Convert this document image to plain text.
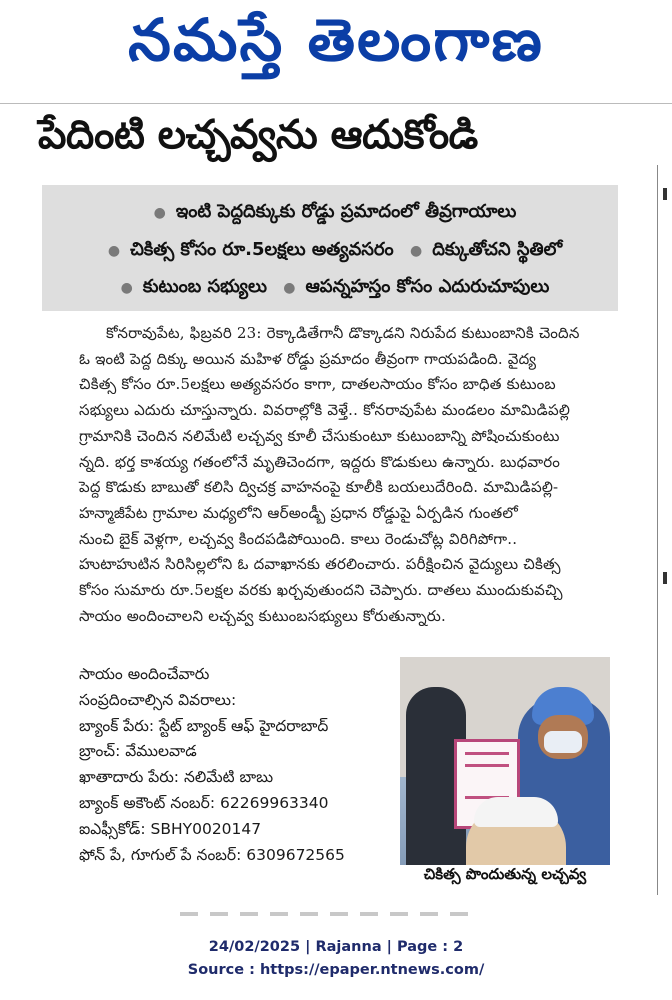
నమస్తే తెలంగాణ
పేదింటి లచ్చవ్వను ఆదుకోండి
● ఇంటి పెద్దదిక్కుకు రోడ్డు ప్రమాదంలో తీవ్రగాయాలు
● చికిత్స కోసం రూ.5లక్షలు అత్యవసరం ● దిక్కుతోచని స్థితిలో
● కుటుంబ సభ్యులు ● ఆపన్నహస్తం కోసం ఎదురుచూపులు
కోనరావుపేట, ఫిబ్రవరి 23: రెక్కాడితేగానీ డొక్కాడని నిరుపేద కుటుంబానికి చెందిన
ఓ ఇంటి పెద్ద దిక్కు అయిన మహిళ రోడ్డు ప్రమాదం తీవ్రంగా గాయపడింది. వైద్య
చికిత్స కోసం రూ.5లక్షలు అత్యవసరం కాగా, దాతలసాయం కోసం బాధిత కుటుంబ
సభ్యులు ఎదురు చూస్తున్నారు. వివరాల్లోకి వెళ్తే.. కోనరావుపేట మండలం మామిడిపల్లి
గ్రామానికి చెందిన నలిమేటి లచ్చవ్వ కూలీ చేసుకుంటూ కుటుంబాన్ని పోషించుకుంటు
న్నది. భర్త కాశయ్య గతంలోనే మృతిచెందగా, ఇద్దరు కొడుకులు ఉన్నారు. బుధవారం
పెద్ద కొడుకు బాబుతో కలిసి ద్విచక్ర వాహనంపై కూలీకి బయలుదేరింది. మామిడిపల్లి-
హన్మాజీపేట గ్రామాల మధ్యలోని ఆర్అండ్బీ ప్రధాన రోడ్డుపై ఏర్పడిన గుంతలో
నుంచి బైక్ వెళ్లగా, లచ్చవ్వ కిందపడిపోయింది. కాలు రెండుచోట్ల విరిగిపోగా..
హుటాహుటిన సిరిసిల్లలోని ఓ దవాఖానకు తరలించారు. పరీక్షించిన వైద్యులు చికిత్స
కోసం సుమారు రూ.5లక్షల వరకు ఖర్చవుతుందని చెప్పారు. దాతలు ముందుకువచ్చి
సాయం అందించాలని లచ్చవ్వ కుటుంబసభ్యులు కోరుతున్నారు.
సాయం అందించేవారు
సంప్రదించాల్సిన వివరాలు:
బ్యాంక్ పేరు: స్టేట్ బ్యాంక్ ఆఫ్ హైదరాబాద్
బ్రాంచ్: వేములవాడ
ఖాతాదారు పేరు: నలిమేటి బాబు
బ్యాంక్ అకౌంట్ నంబర్: 62269963340
ఐఎఫ్సీకోడ్: SBHY0020147
ఫోన్ పే, గూగుల్ పే నంబర్: 6309672565
చికిత్స పొందుతున్న లచ్చవ్వ
24/02/2025 | Rajanna | Page : 2
Source : https://epaper.ntnews.com/
